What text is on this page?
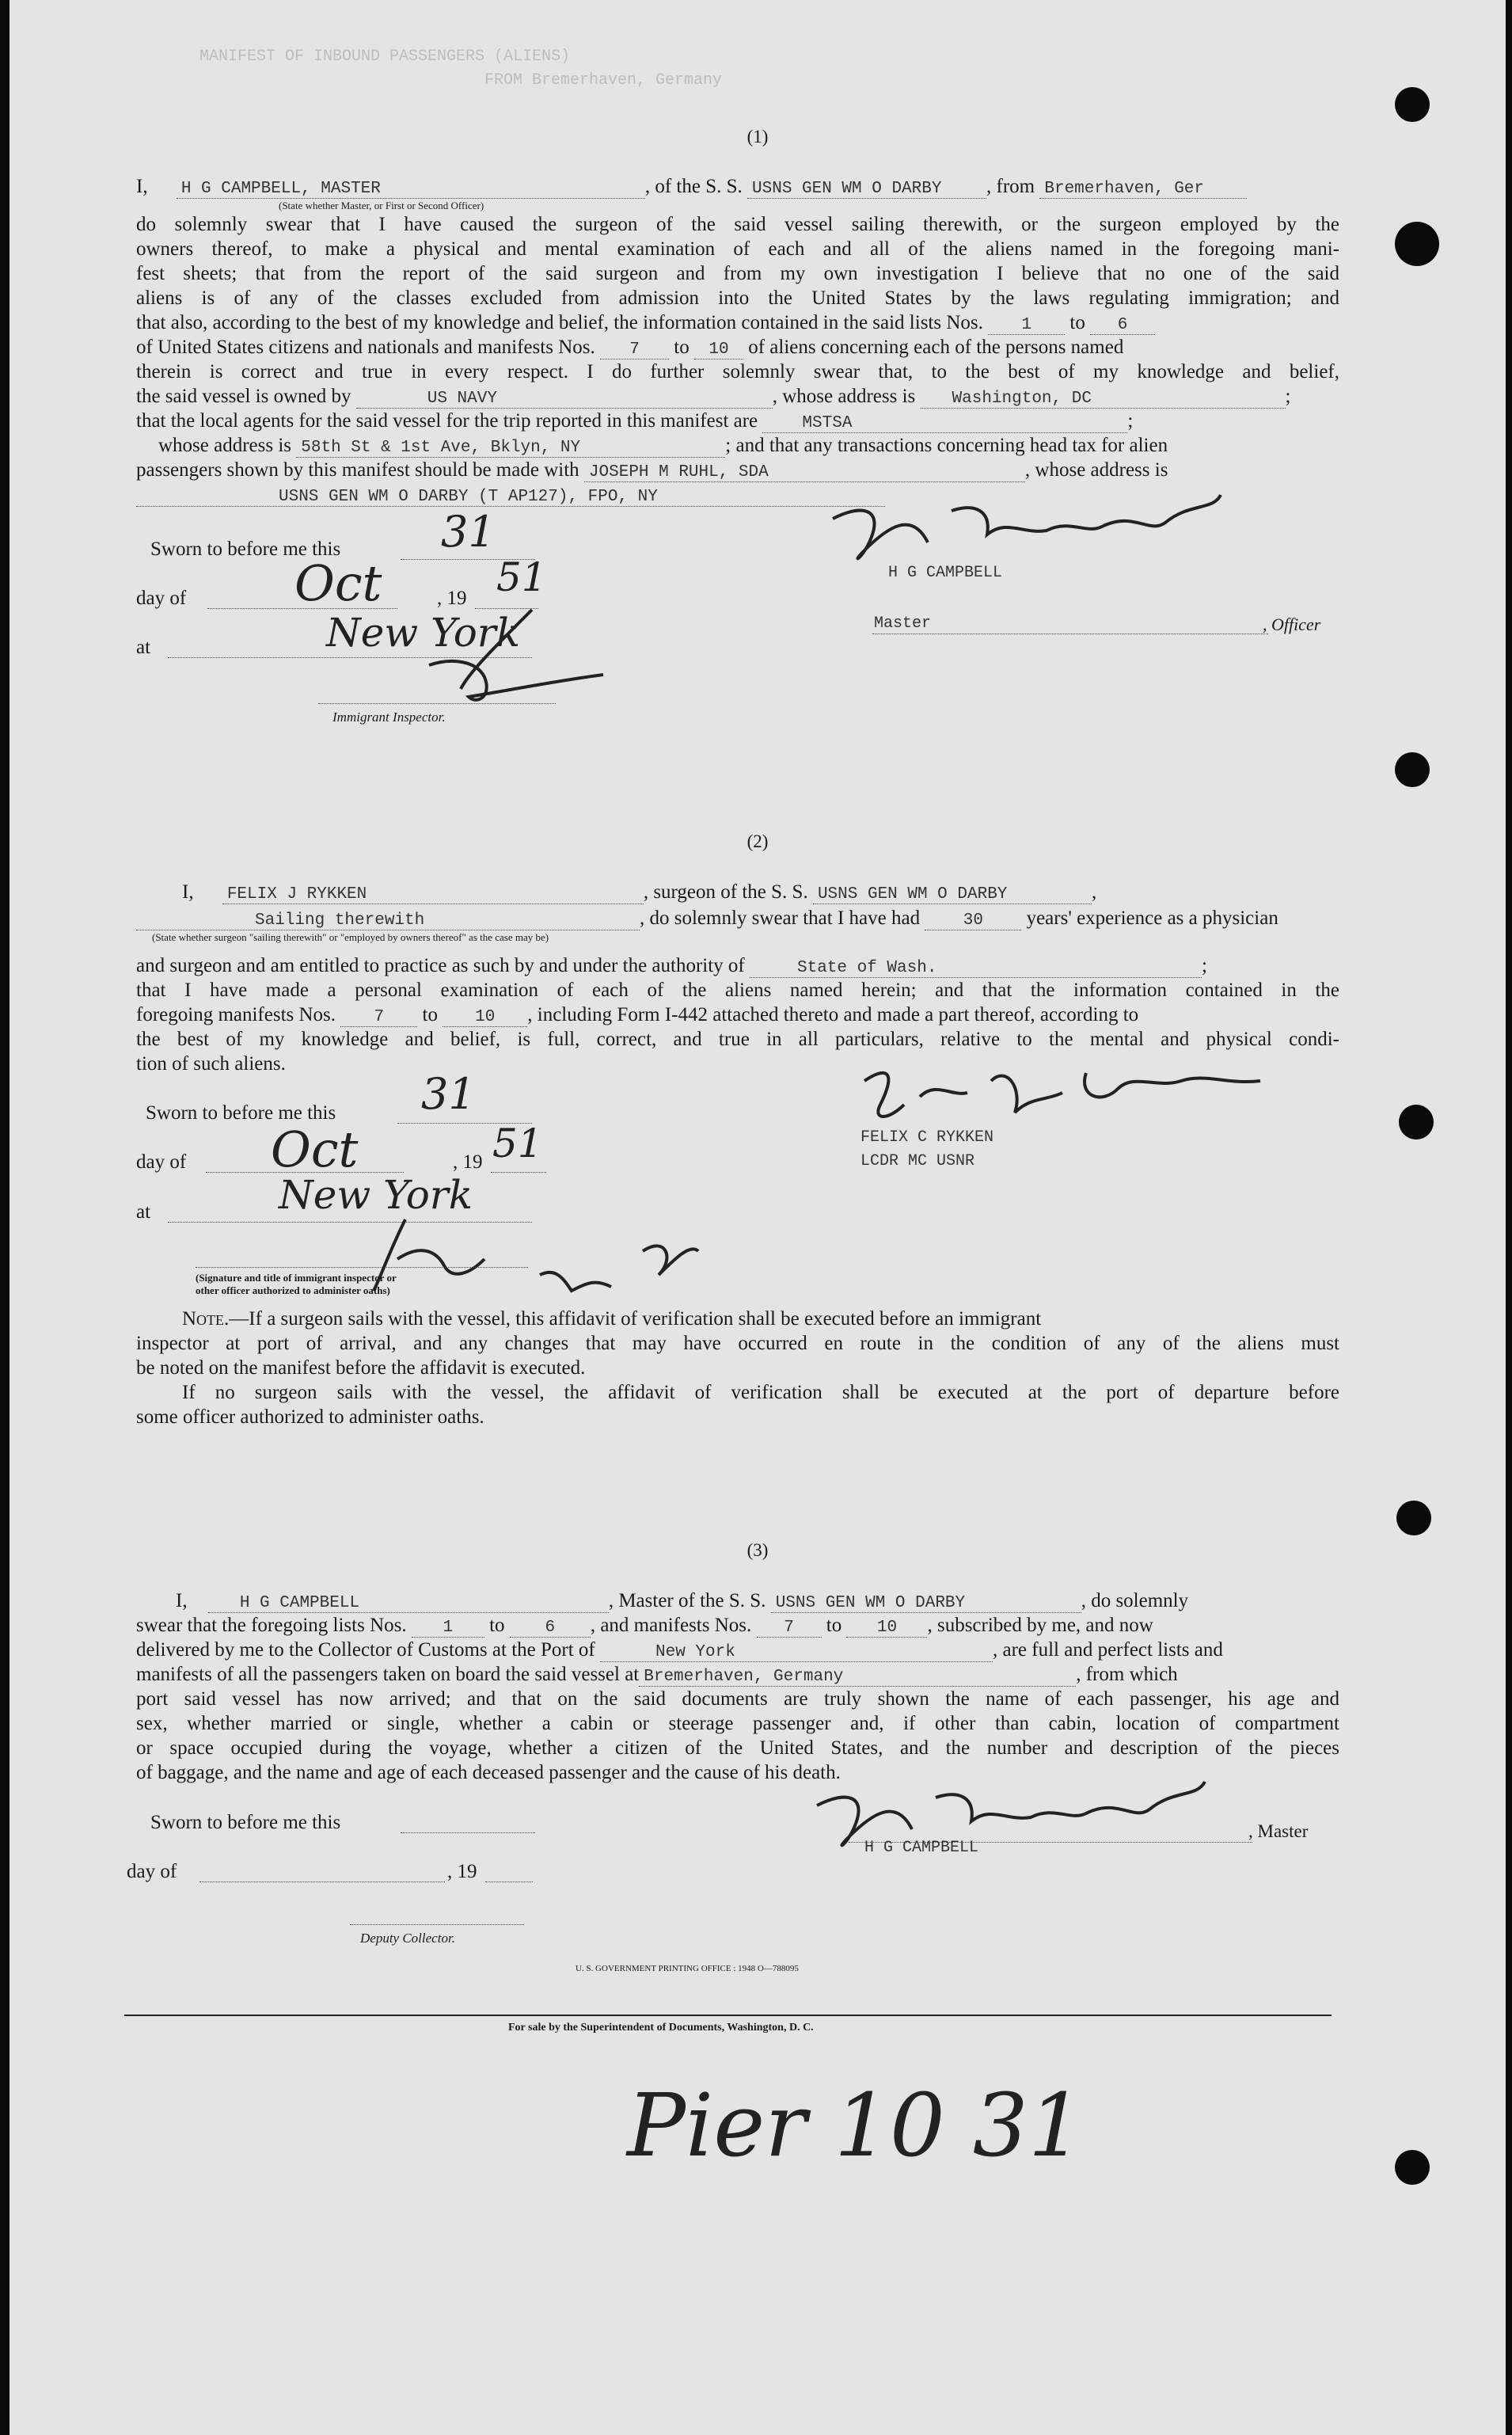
MANIFEST OF INBOUND PASSENGERS (ALIENS)
FROM Bremerhaven, Germany
(1)
I, H G CAMPBELL, MASTER	, of the S. S. USNS GEN WM O DARBY , from Bremerhaven, Ger
(State whether Master, or First or Second Officer)
do solemnly swear that I have caused the surgeon of the said vessel sailing therewith, or the surgeon employed by the
owners thereof, to make a physical and mental examination of each and all of the aliens named in the foregoing mani-
fest sheets; that from the report of the said surgeon and from my own investigation I believe that no one of the said
aliens is of any of the classes excluded from admission into the United States by the laws regulating immigration; and
that also, according to the best of my knowledge and belief, the information contained in the said lists Nos. 1 to 6
of United States citizens and nationals and manifests Nos. 7 to 10 of aliens concerning each of the persons named
therein is correct and true in every respect. I do further solemnly swear that, to the best of my knowledge and belief,
the said vessel is owned by	US NAVY	, whose address is Washington, DC	;
that the local agents for the said vessel for the trip reported in this manifest are	MSTSA	;
whose address is 58th St & 1st Ave, Bklyn, NY	; and that any transactions concerning head tax for alien
passengers shown by this manifest should be made with JOSEPH M RUHL, SDA	, whose address is
USNS GEN WM O DARBY (T AP127), FPO, NY
Sworn to before me this	31
day of	, 19
Oct	51
at	New York
Immigrant Inspector.
H G CAMPBELL
Master	, Officer
(2)
I, FELIX J RYKKEN	, surgeon of the S. S. USNS GEN WM O DARBY	,
Sailing therewith	, do solemnly swear that I have had	30 years' experience as a physician
(State whether surgeon "sailing therewith" or "employed by owners thereof" as the case may be)
and surgeon and am entitled to practice as such by and under the authority of	State of Wash.	;
that I have made a personal examination of each of the aliens named herein; and that the information contained in the
foregoing manifests Nos. 7 to 10 , including Form I-442 attached thereto and made a part thereof, according to
the best of my knowledge and belief, is full, correct, and true in all particulars, relative to the mental and physical condi-
tion of such aliens.
Sworn to before me this	31
day of	, 19
Oct	51
at	New York
(Signature and title of immigrant inspector or
other officer authorized to administer oaths)
FELIX C RYKKEN
LCDR MC USNR
Note.—If a surgeon sails with the vessel, this affidavit of verification shall be executed before an immigrant
inspector at port of arrival, and any changes that may have occurred en route in the condition of any of the aliens must
be noted on the manifest before the affidavit is executed.
If no surgeon sails with the vessel, the affidavit of verification shall be executed at the port of departure before
some officer authorized to administer oaths.
(3)
I,	H G CAMPBELL	, Master of the S. S. USNS GEN WM O DARBY	, do solemnly
swear that the foregoing lists Nos. 1 to 6 , and manifests Nos. 7 to 10 , subscribed by me, and now
delivered by me to the Collector of Customs at the Port of	New York	, are full and perfect lists and
manifests of all the passengers taken on board the said vessel at Bremerhaven, Germany	, from which
port said vessel has now arrived; and that on the said documents are truly shown the name of each passenger, his age and
sex, whether married or single, whether a cabin or steerage passenger and, if other than cabin, location of compartment
or space occupied during the voyage, whether a citizen of the United States, and the number and description of the pieces
of baggage, and the name and age of each deceased passenger and the cause of his death.
Sworn to before me this
day of	, 19
, Master
H G CAMPBELL
Deputy Collector.
U. S. GOVERNMENT PRINTING OFFICE : 1948 O—788095
For sale by the Superintendent of Documents, Washington, D. C.
Pier 10 31
